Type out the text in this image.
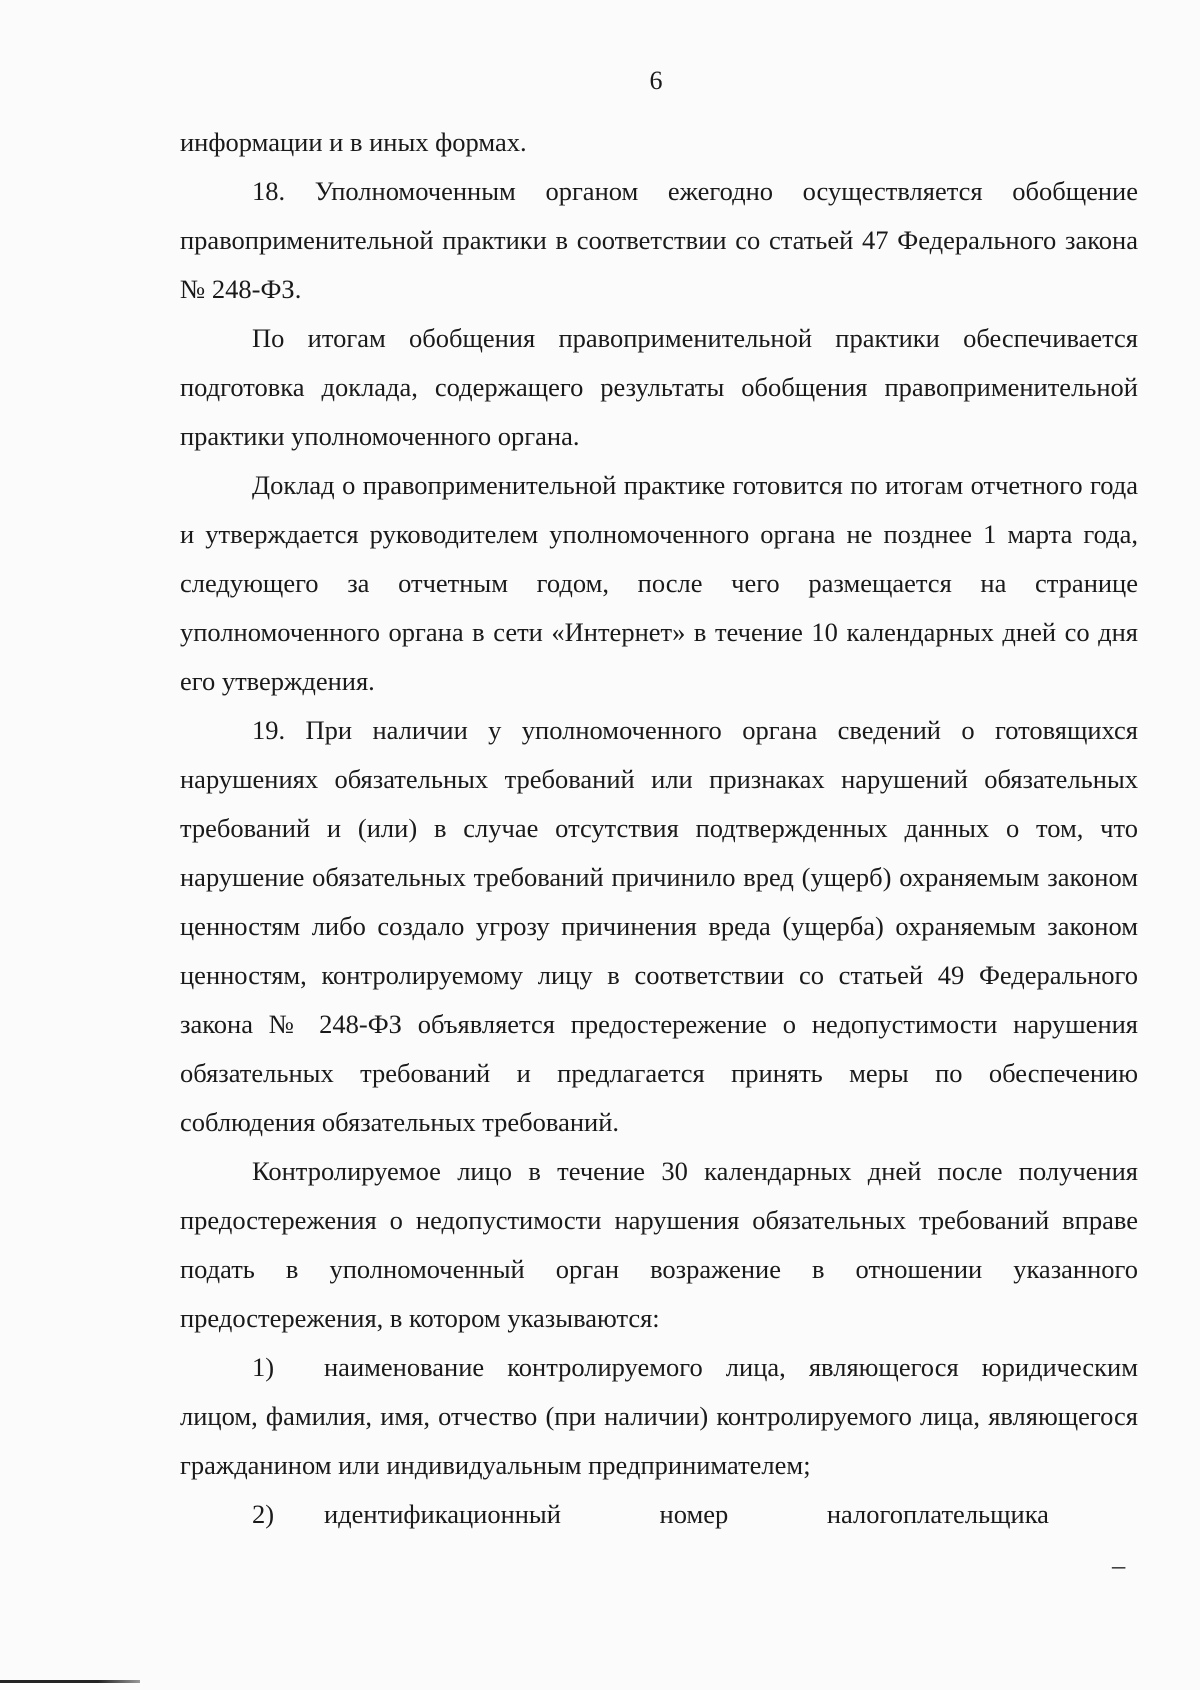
6

информации и в иных формах.

18. Уполномоченным органом ежегодно осуществляется обобщение правоприменительной практики в соответствии со статьей 47 Федерального закона № 248-ФЗ.

По итогам обобщения правоприменительной практики обеспечивается подготовка доклада, содержащего результаты обобщения правоприменительной практики уполномоченного органа.

Доклад о правоприменительной практике готовится по итогам отчетного года и утверждается руководителем уполномоченного органа не позднее 1 марта года, следующего за отчетным годом, после чего размещается на странице уполномоченного органа в сети «Интернет» в течение 10 календарных дней со дня его утверждения.

19. При наличии у уполномоченного органа сведений о готовящихся нарушениях обязательных требований или признаках нарушений обязательных требований и (или) в случае отсутствия подтвержденных данных о том, что нарушение обязательных требований причинило вред (ущерб) охраняемым законом ценностям либо создало угрозу причинения вреда (ущерба) охраняемым законом ценностям, контролируемому лицу в соответствии со статьей 49 Федерального закона № 248-ФЗ объявляется предостережение о недопустимости нарушения обязательных требований и предлагается принять меры по обеспечению соблюдения обязательных требований.

Контролируемое лицо в течение 30 календарных дней после получения предостережения о недопустимости нарушения обязательных требований вправе подать в уполномоченный орган возражение в отношении указанного предостережения, в котором указываются:

1) наименование контролируемого лица, являющегося юридическим лицом, фамилия, имя, отчество (при наличии) контролируемого лица, являющегося гражданином или индивидуальным предпринимателем;

2) идентификационный номер налогоплательщика

–
